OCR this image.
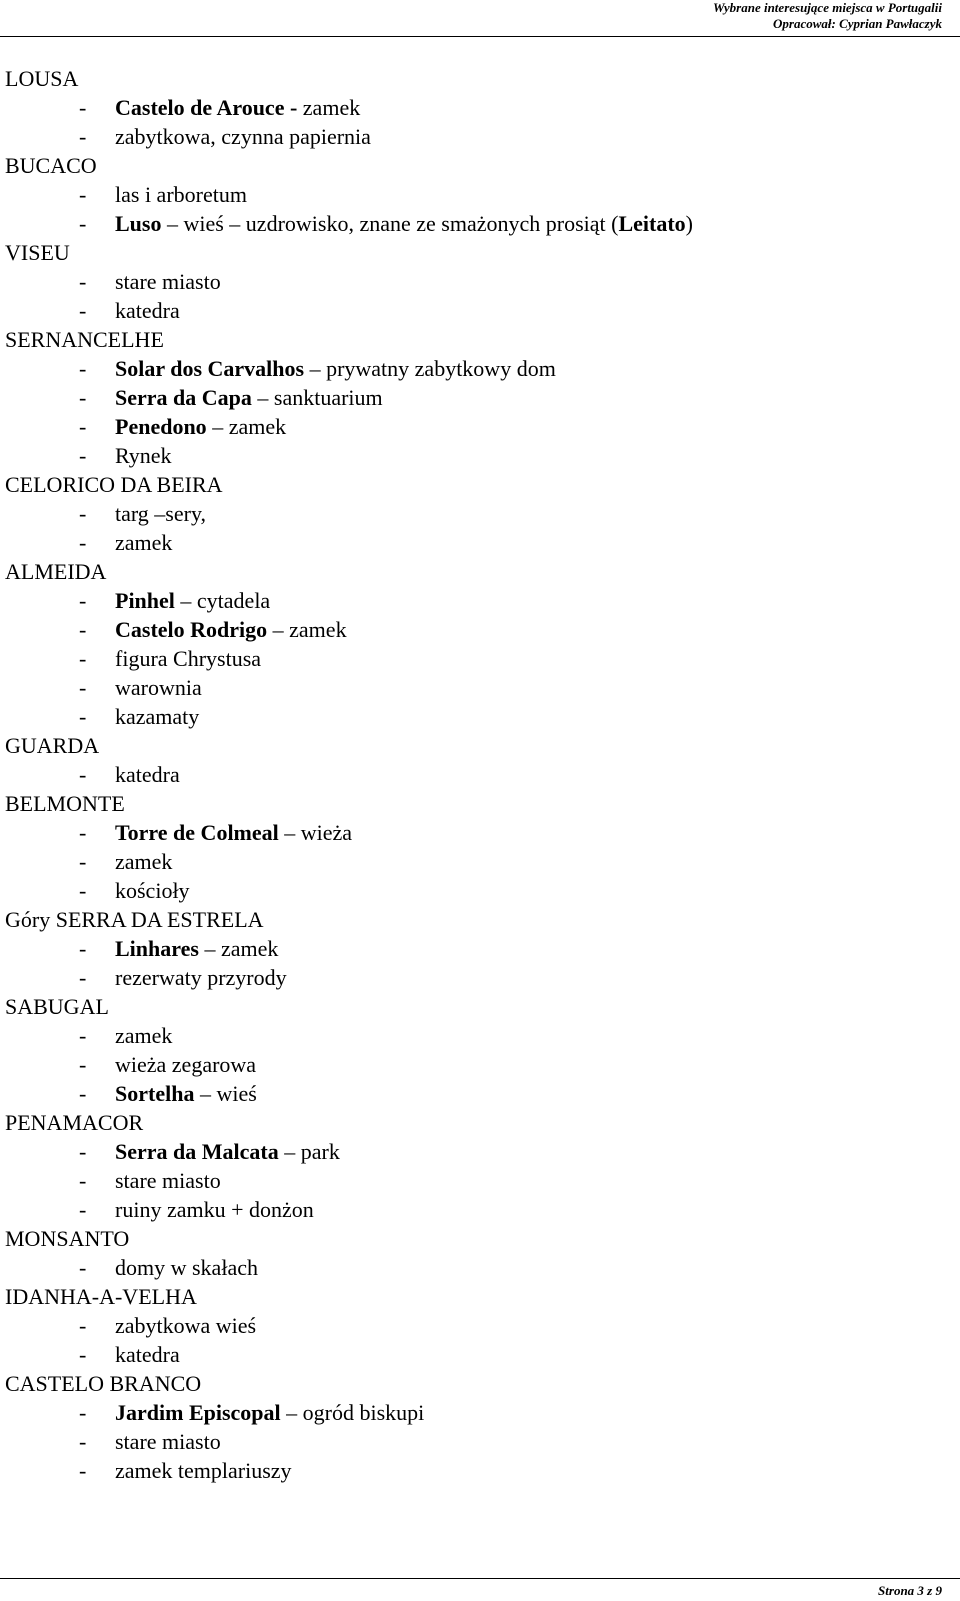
Wybrane interesujące miejsca w Portugalii
Opracował: Cyprian Pawłaczyk
LOUSA
- Castelo de Arouce - zamek
- zabytkowa, czynna papiernia
BUCACO
- las i arboretum
- Luso – wieś – uzdrowisko, znane ze smażonych prosiąt (Leitato)
VISEU
- stare miasto
- katedra
SERNANCELHE
- Solar dos Carvalhos – prywatny zabytkowy dom
- Serra da Capa – sanktuarium
- Penedono – zamek
- Rynek
CELORICO DA BEIRA
- targ –sery,
- zamek
ALMEIDA
- Pinhel – cytadela
- Castelo Rodrigo – zamek
- figura Chrystusa
- warownia
- kazamaty
GUARDA
- katedra
BELMONTE
- Torre de Colmeal – wieża
- zamek
- kościoły
Góry SERRA DA ESTRELA
- Linhares – zamek
- rezerwaty przyrody
SABUGAL
- zamek
- wieża zegarowa
- Sortelha – wieś
PENAMACOR
- Serra da Malcata – park
- stare miasto
- ruiny zamku + donżon
MONSANTO
- domy w skałach
IDANHA-A-VELHA
- zabytkowa wieś
- katedra
CASTELO BRANCO
- Jardim Episcopal – ogród biskupi
- stare miasto
- zamek templariuszy
Strona 3 z 9
